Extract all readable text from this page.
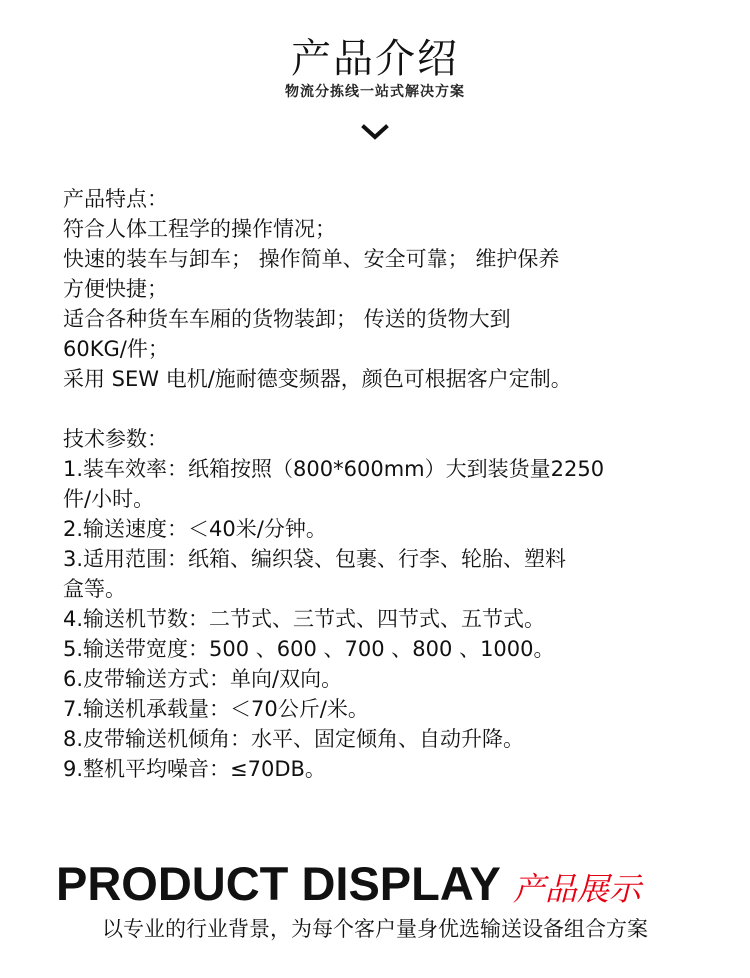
产品介绍
物流分拣线一站式解决方案
产品特点：
符合人体工程学的操作情况；
快速的装车与卸车； 操作简单、安全可靠； 维护保养
方便快捷；
适合各种货车车厢的货物装卸； 传送的货物大到
60KG/件；
采用 SEW 电机/施耐德变频器，颜色可根据客户定制。
技术参数：
1.装车效率：纸箱按照（800*600mm）大到装货量2250
件/小时。
2.输送速度：＜40米/分钟。
3.适用范围：纸箱、编织袋、包裹、行李、轮胎、塑料
盒等。
4.输送机节数：二节式、三节式、四节式、五节式。
5.输送带宽度：500 、600 、700 、800 、1000。
6.皮带输送方式：单向/双向。
7.输送机承载量：＜70公斤/米。
8.皮带输送机倾角：水平、固定倾角、自动升降。
9.整机平均噪音：≤70DB。
PRODUCT DISPLAY 产品展示
以专业的行业背景，为每个客户量身优选输送设备组合方案
